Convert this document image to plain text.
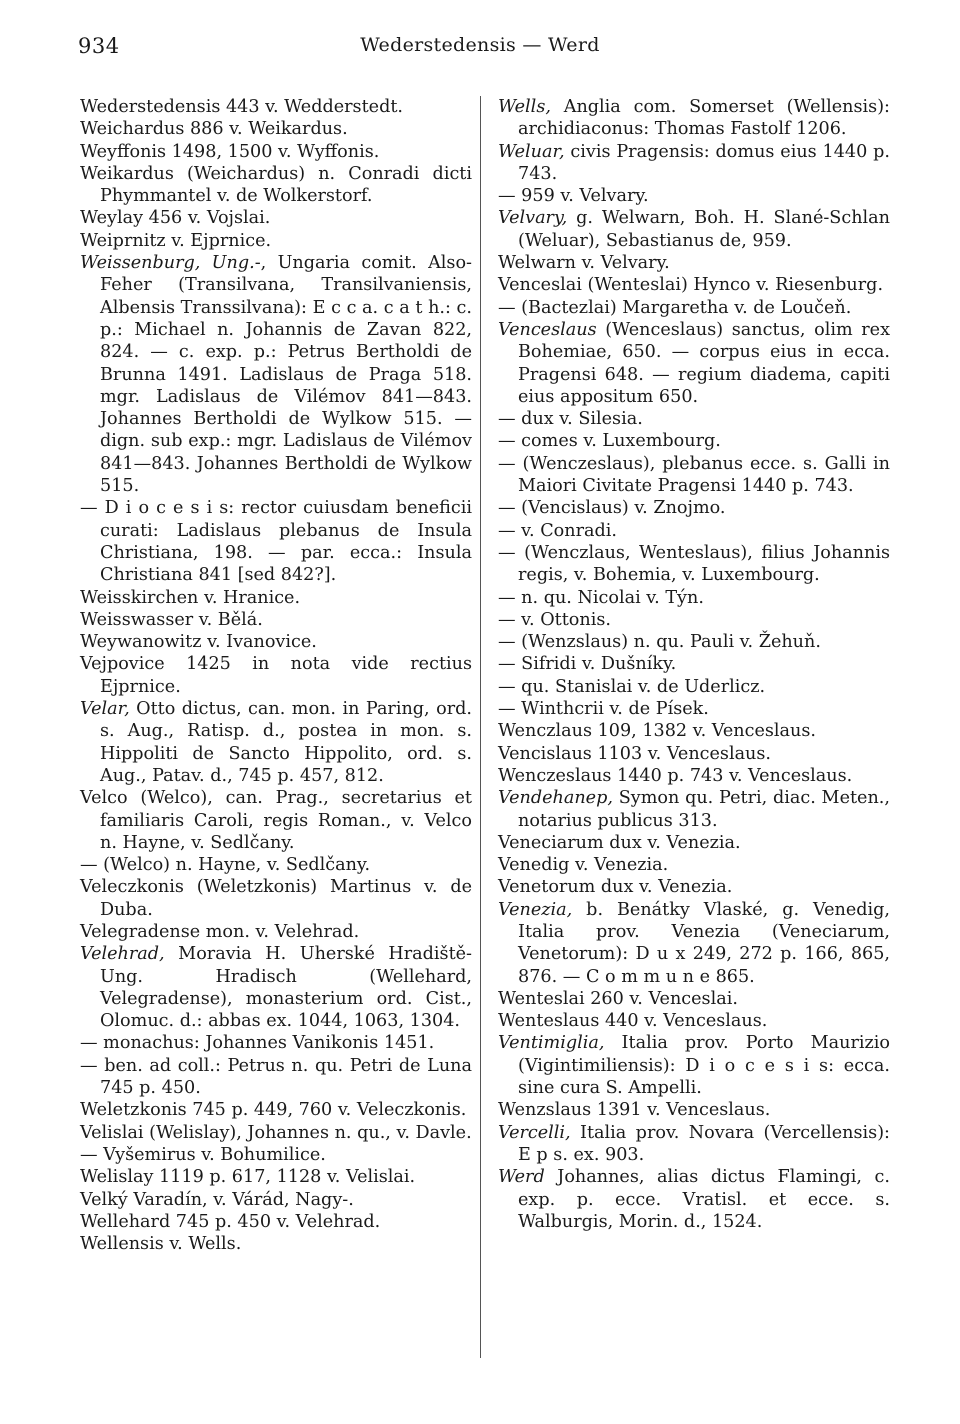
934	Wederstedensis — Werd

Wederstedensis 443 v. Wedderstedt.

Weichardus 886 v. Weikardus.

Weyffonis 1498, 1500 v. Wyffonis.

Weikardus (Weichardus) n. Conradi dicti Phymmantel v. de Wolkerstorf.

Weylay 456 v. Vojslai.

Weiprnitz v. Ejprnice.

Weissenburg, Ung.-, Ungaria comit. Also-Feher (Transilvana, Transilvaniensis, Albensis Transsilvana): E c c a. c a t h.: c. p.: Michael n. Johannis de Zavan 822, 824. — c. exp. p.: Petrus Bertholdi de Brunna 1491. Ladislaus de Praga 518. mgr. Ladislaus de Vilémov 841—843. Johannes Bertholdi de Wylkow 515. — dign. sub exp.: mgr. Ladislaus de Vilémov 841—843. Johannes Bertholdi de Wylkow 515.

— D i o c e s i s: rector cuiusdam beneficii curati: Ladislaus plebanus de Insula Christiana, 198. — par. ecca.: Insula Christiana 841 [sed 842?].

Weisskirchen v. Hranice.

Weisswasser v. Bělá.

Weywanowitz v. Ivanovice.

Vejpovice 1425 in nota vide rectius Ejprnice.

Velar, Otto dictus, can. mon. in Paring, ord. s. Aug., Ratisp. d., postea in mon. s. Hippoliti de Sancto Hippolito, ord. s. Aug., Patav. d., 745 p. 457, 812.

Velco (Welco), can. Prag., secretarius et familiaris Caroli, regis Roman., v. Velco n. Hayne, v. Sedlčany.

— (Welco) n. Hayne, v. Sedlčany.

Veleczkonis (Weletzkonis) Martinus v. de Duba.

Velegradense mon. v. Velehrad.

Velehrad, Moravia H. Uherské Hradiště-Ung. Hradisch (Wellehard, Velegradense), monasterium ord. Cist., Olomuc. d.: abbas ex. 1044, 1063, 1304.

— monachus: Johannes Vanikonis 1451.

— ben. ad coll.: Petrus n. qu. Petri de Luna 745 p. 450.

Weletzkonis 745 p. 449, 760 v. Veleczkonis.

Velislai (Welislay), Johannes n. qu., v. Davle.

— Vyšemirus v. Bohumilice.

Welislay 1119 p. 617, 1128 v. Velislai.

Velký Varadín, v. Várád, Nagy-.

Wellehard 745 p. 450 v. Velehrad.

Wellensis v. Wells.

Wells, Anglia com. Somerset (Wellensis): archidiaconus: Thomas Fastolf 1206.

Weluar, civis Pragensis: domus eius 1440 p. 743.

— 959 v. Velvary.

Velvary, g. Welwarn, Boh. H. Slané-Schlan (Weluar), Sebastianus de, 959.

Welwarn v. Velvary.

Venceslai (Wenteslai) Hynco v. Riesenburg.

— (Bactezlai) Margaretha v. de Loučeň.

Venceslaus (Wenceslaus) sanctus, olim rex Bohemiae, 650. — corpus eius in ecca. Pragensi 648. — regium diadema, capiti eius appositum 650.

— dux v. Silesia.

— comes v. Luxembourg.

— (Wenczeslaus), plebanus ecce. s. Galli in Maiori Civitate Pragensi 1440 p. 743.

— (Vencislaus) v. Znojmo.

— v. Conradi.

— (Wenczlaus, Wenteslaus), filius Johannis regis, v. Bohemia, v. Luxembourg.

— n. qu. Nicolai v. Týn.

— v. Ottonis.

— (Wenzslaus) n. qu. Pauli v. Žehuň.

— Sifridi v. Dušníky.

— qu. Stanislai v. de Uderlicz.

— Winthcrii v. de Písek.

Wenczlaus 109, 1382 v. Venceslaus.

Vencislaus 1103 v. Venceslaus.

Wenczeslaus 1440 p. 743 v. Venceslaus.

Vendehanep, Symon qu. Petri, diac. Meten., notarius publicus 313.

Veneciarum dux v. Venezia.

Venedig v. Venezia.

Venetorum dux v. Venezia.

Venezia, b. Benátky Vlaské, g. Venedig, Italia prov. Venezia (Veneciarum, Venetorum): D u x 249, 272 p. 166, 865, 876. — C o m m u n e 865.

Wenteslai 260 v. Venceslai.

Wenteslaus 440 v. Venceslaus.

Ventimiglia, Italia prov. Porto Maurizio (Vigintimiliensis): D i o c e s i s: ecca. sine cura S. Ampelli.

Wenzslaus 1391 v. Venceslaus.

Vercelli, Italia prov. Novara (Vercellensis): E p s. ex. 903.

Werd Johannes, alias dictus Flamingi, c. exp. p. ecce. Vratisl. et ecce. s. Walburgis, Morin. d., 1524.
